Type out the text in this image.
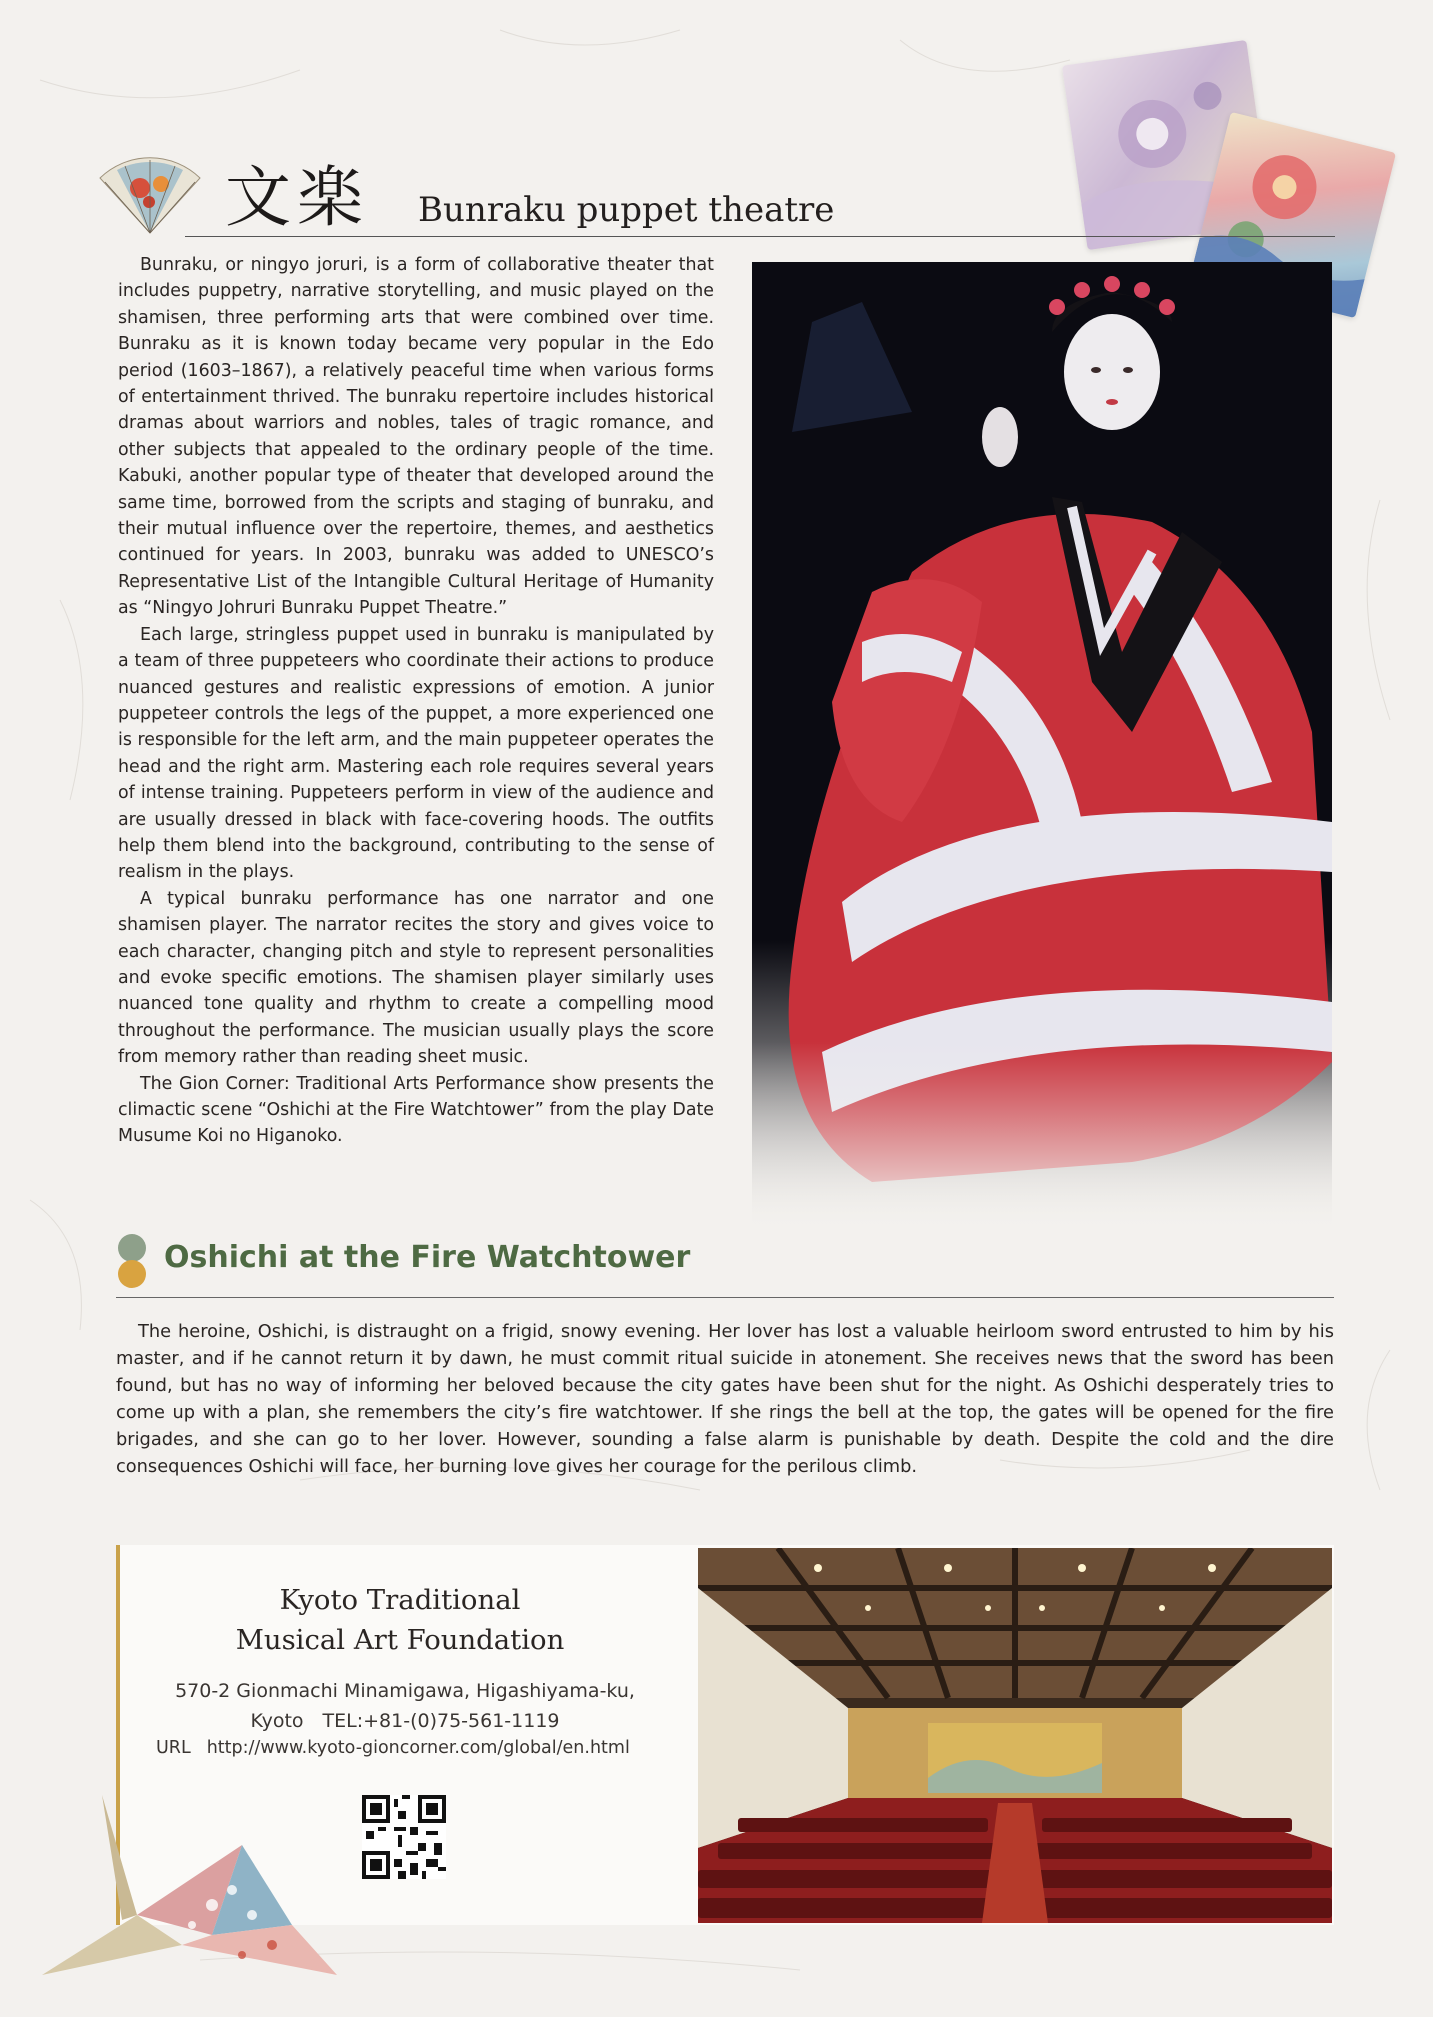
文楽 Bunraku puppet theatre

Bunraku, or ningyo joruri, is a form of collaborative theater that includes puppetry, narrative storytelling, and music played on the shamisen, three performing arts that were combined over time. Bunraku as it is known today became very popular in the Edo period (1603–1867), a relatively peaceful time when various forms of entertainment thrived. The bunraku repertoire includes historical dramas about warriors and nobles, tales of tragic romance, and other subjects that appealed to the ordinary people of the time. Kabuki, another popular type of theater that developed around the same time, borrowed from the scripts and staging of bunraku, and their mutual influence over the repertoire, themes, and aesthetics continued for years. In 2003, bunraku was added to UNESCO’s Representative List of the Intangible Cultural Heritage of Humanity as “Ningyo Johruri Bunraku Puppet Theatre.”

Each large, stringless puppet used in bunraku is manipulated by a team of three puppeteers who coordinate their actions to produce nuanced gestures and realistic expressions of emotion. A junior puppeteer controls the legs of the puppet, a more experienced one is responsible for the left arm, and the main puppeteer operates the head and the right arm. Mastering each role requires several years of intense training. Puppeteers perform in view of the audience and are usually dressed in black with face-covering hoods. The outfits help them blend into the background, contributing to the sense of realism in the plays.

A typical bunraku performance has one narrator and one shamisen player. The narrator recites the story and gives voice to each character, changing pitch and style to represent personalities and evoke specific emotions. The shamisen player similarly uses nuanced tone quality and rhythm to create a compelling mood throughout the performance. The musician usually plays the score from memory rather than reading sheet music.

The Gion Corner: Traditional Arts Performance show presents the climactic scene “Oshichi at the Fire Watchtower” from the play Date Musume Koi no Higanoko.

Oshichi at the Fire Watchtower

The heroine, Oshichi, is distraught on a frigid, snowy evening. Her lover has lost a valuable heirloom sword entrusted to him by his master, and if he cannot return it by dawn, he must commit ritual suicide in atonement. She receives news that the sword has been found, but has no way of informing her beloved because the city gates have been shut for the night. As Oshichi desperately tries to come up with a plan, she remembers the city’s fire watchtower. If she rings the bell at the top, the gates will be opened for the fire brigades, and she can go to her lover. However, sounding a false alarm is punishable by death. Despite the cold and the dire consequences Oshichi will face, her burning love gives her courage for the perilous climb.

Kyoto Traditional
Musical Art Foundation
570-2 Gionmachi Minamigawa, Higashiyama-ku,
Kyoto　TEL:+81-(0)75-561-1119
URL http://www.kyoto-gioncorner.com/global/en.html
